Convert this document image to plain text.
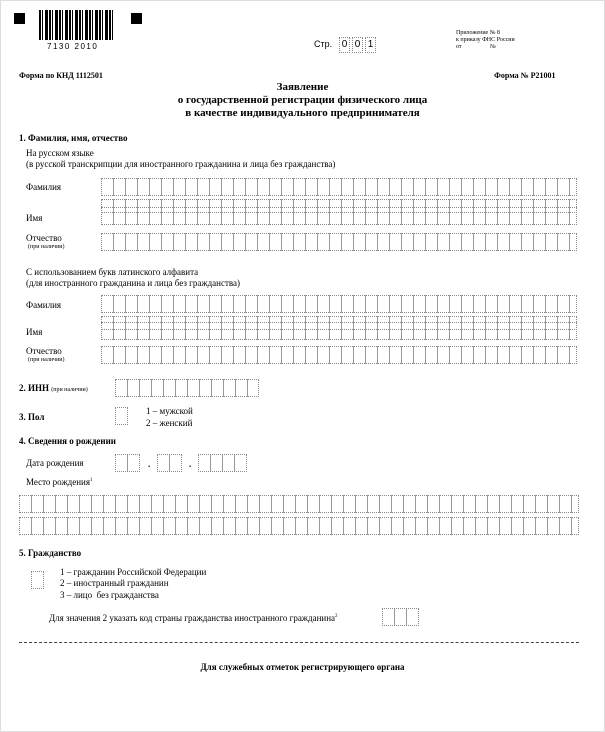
7130 2010	Стр. 0 0 1
Приложение № 8
к приказу ФНС России
от                   №
Форма по КНД 1112501	Форма № Р21001
Заявление
о государственной регистрации физического лица
в качестве индивидуального предпринимателя
1. Фамилия, имя, отчество
На русском языке
(в русской транскрипции для иностранного гражданина и лица без гражданства)
Фамилия
Имя
Отчество
(при наличии)
С использованием букв латинского алфавита
(для иностранного гражданина и лица без гражданства)
Фамилия
Имя
Отчество
(при наличии)
2. ИНН (при наличии)
3. Пол
1 – мужской
2 – женский
4. Сведения о рождении
Дата рождения	.	.
Место рождения$^1$
5. Гражданство
1 – гражданин Российской Федерации
2 – иностранный гражданин
3 – лицо  без гражданства
Для значения 2 указать код страны гражданства иностранного гражданина$^2$
Для служебных отметок регистрирующего органа
